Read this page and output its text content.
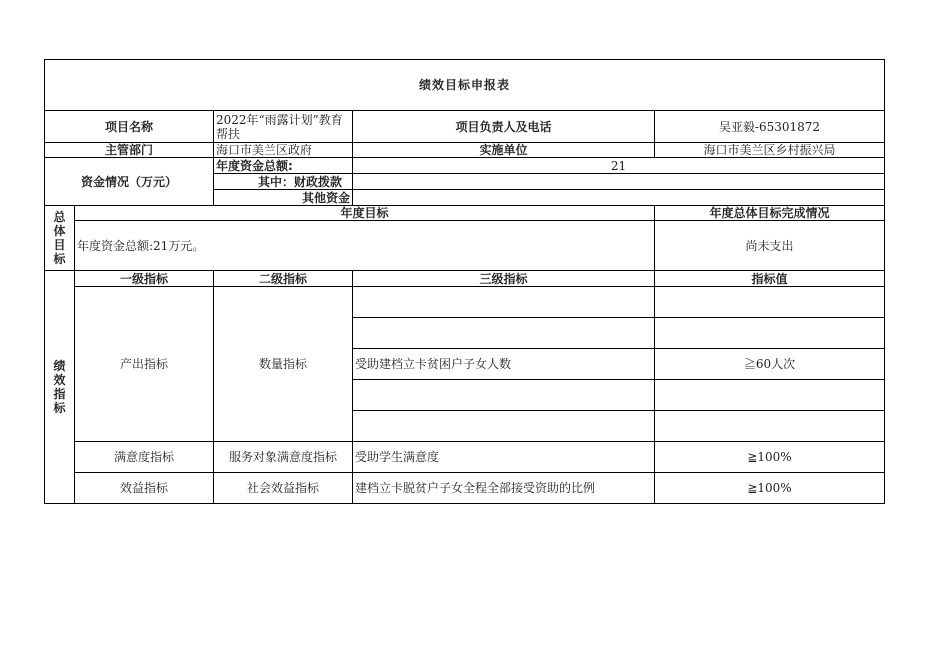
绩效目标申报表				
项目名称		2022年“雨露计划”教育帮扶	项目负责人及电话	吴亚毅-65301872
主管部门		海口市美兰区政府	实施单位	海口市美兰区乡村振兴局
资金情况（万元）		年度资金总额:	21	
		其中：财政拨款		
		其他资金		

总
体
目
标	年度目标			年度总体目标完成情况
	年度资金总额:21万元。			尚未支出

绩
效
指
标	一级指标	二级指标	三级指标	指标值
	产出指标	数量指标		

			受助建档立卡贫困户子女人数	≧60人次

	满意度指标	服务对象满意度指标	受助学生满意度	≧100%
	效益指标	社会效益指标	建档立卡脱贫户子女全程全部接受资助的比例	≧100%
